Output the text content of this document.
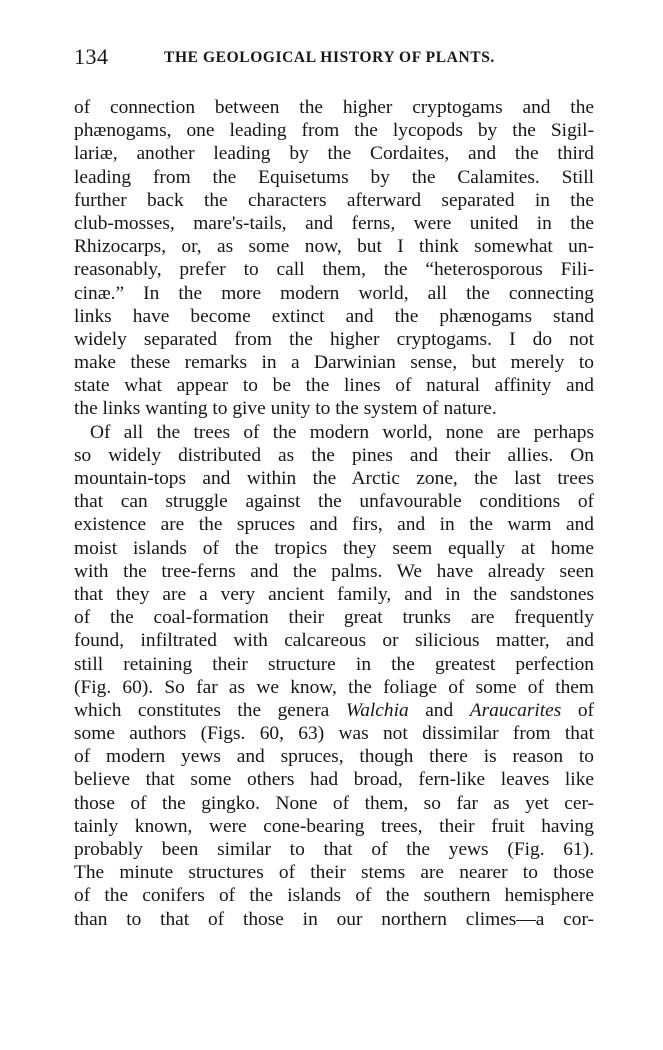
134	THE GEOLOGICAL HISTORY OF PLANTS.
of connection between the higher cryptogams and the
phænogams, one leading from the lycopods by the Sigil-
lariæ, another leading by the Cordaites, and the third
leading from the Equisetums by the Calamites. Still
further back the characters afterward separated in the
club-mosses, mare's-tails, and ferns, were united in the
Rhizocarps, or, as some now, but I think somewhat un-
reasonably, prefer to call them, the “heterosporous Fili-
cinæ.” In the more modern world, all the connecting
links have become extinct and the phænogams stand
widely separated from the higher cryptogams. I do not
make these remarks in a Darwinian sense, but merely to
state what appear to be the lines of natural affinity and
the links wanting to give unity to the system of nature.
Of all the trees of the modern world, none are perhaps
so widely distributed as the pines and their allies. On
mountain-tops and within the Arctic zone, the last trees
that can struggle against the unfavourable conditions of
existence are the spruces and firs, and in the warm and
moist islands of the tropics they seem equally at home
with the tree-ferns and the palms. We have already seen
that they are a very ancient family, and in the sandstones
of the coal-formation their great trunks are frequently
found, infiltrated with calcareous or silicious matter, and
still retaining their structure in the greatest perfection
(Fig. 60). So far as we know, the foliage of some of them
which constitutes the genera Walchia and Araucarites of
some authors (Figs. 60, 63) was not dissimilar from that
of modern yews and spruces, though there is reason to
believe that some others had broad, fern-like leaves like
those of the gingko. None of them, so far as yet cer-
tainly known, were cone-bearing trees, their fruit having
probably been similar to that of the yews (Fig. 61).
The minute structures of their stems are nearer to those
of the conifers of the islands of the southern hemisphere
than to that of those in our northern climes—a cor-
